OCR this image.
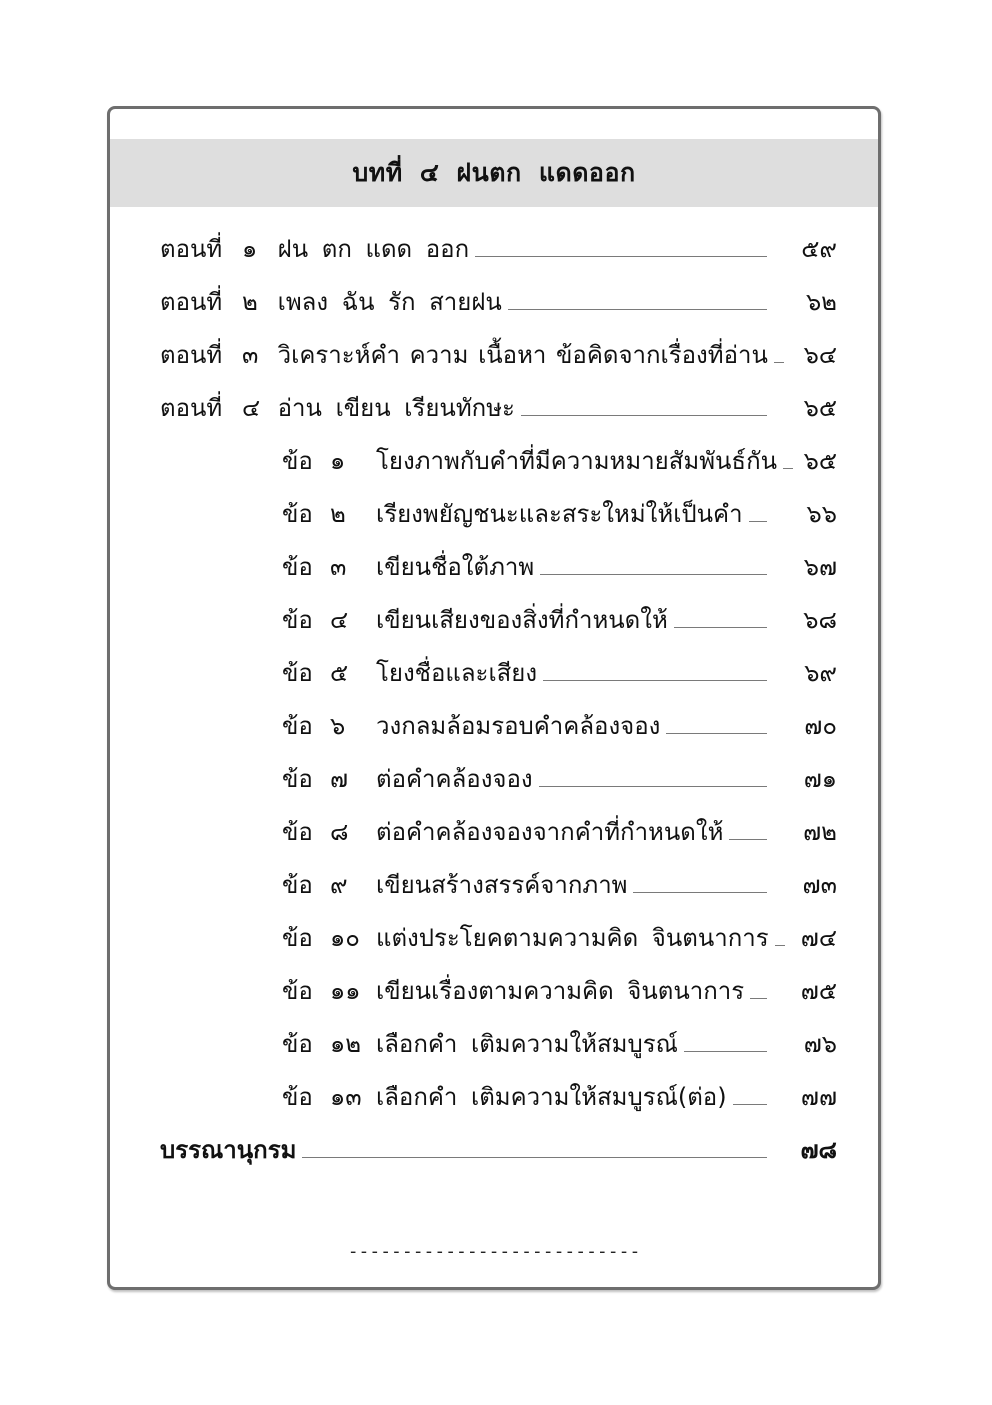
บทที่ ๔ ฝนตก แดดออก
ตอนที่ ๑ ฝน ตก แดด ออก	๕๙
ตอนที่ ๒ เพลง ฉัน รัก สายฝน	๖๒
ตอนที่ ๓ วิเคราะห์คำ ความ เนื้อหา ข้อคิดจากเรื่องที่อ่าน ๖๔
ตอนที่ ๔ อ่าน เขียน เรียนทักษะ	๖๕
ข้อ ๑ โยงภาพกับคำที่มีความหมายสัมพันธ์กัน ๖๕
ข้อ ๒ เรียงพยัญชนะและสระใหม่ให้เป็นคำ	๖๖
ข้อ ๓ เขียนชื่อใต้ภาพ	๖๗
ข้อ ๔ เขียนเสียงของสิ่งที่กำหนดให้	๖๘
ข้อ ๕ โยงชื่อและเสียง	๖๙
ข้อ ๖ วงกลมล้อมรอบคำคล้องจอง	๗๐
ข้อ ๗ ต่อคำคล้องจอง	๗๑
ข้อ ๘ ต่อคำคล้องจองจากคำที่กำหนดให้	๗๒
ข้อ ๙ เขียนสร้างสรรค์จากภาพ	๗๓
ข้อ ๑๐ แต่งประโยคตามความคิด จินตนาการ ๗๔
ข้อ ๑๑ เขียนเรื่องตามความคิด จินตนาการ ๗๕
ข้อ ๑๒ เลือกคำ เติมความให้สมบูรณ์	๗๖
ข้อ ๑๓ เลือกคำ เติมความให้สมบูรณ์(ต่อ)	๗๗
บรรณานุกรม	๗๘
---------------------------
